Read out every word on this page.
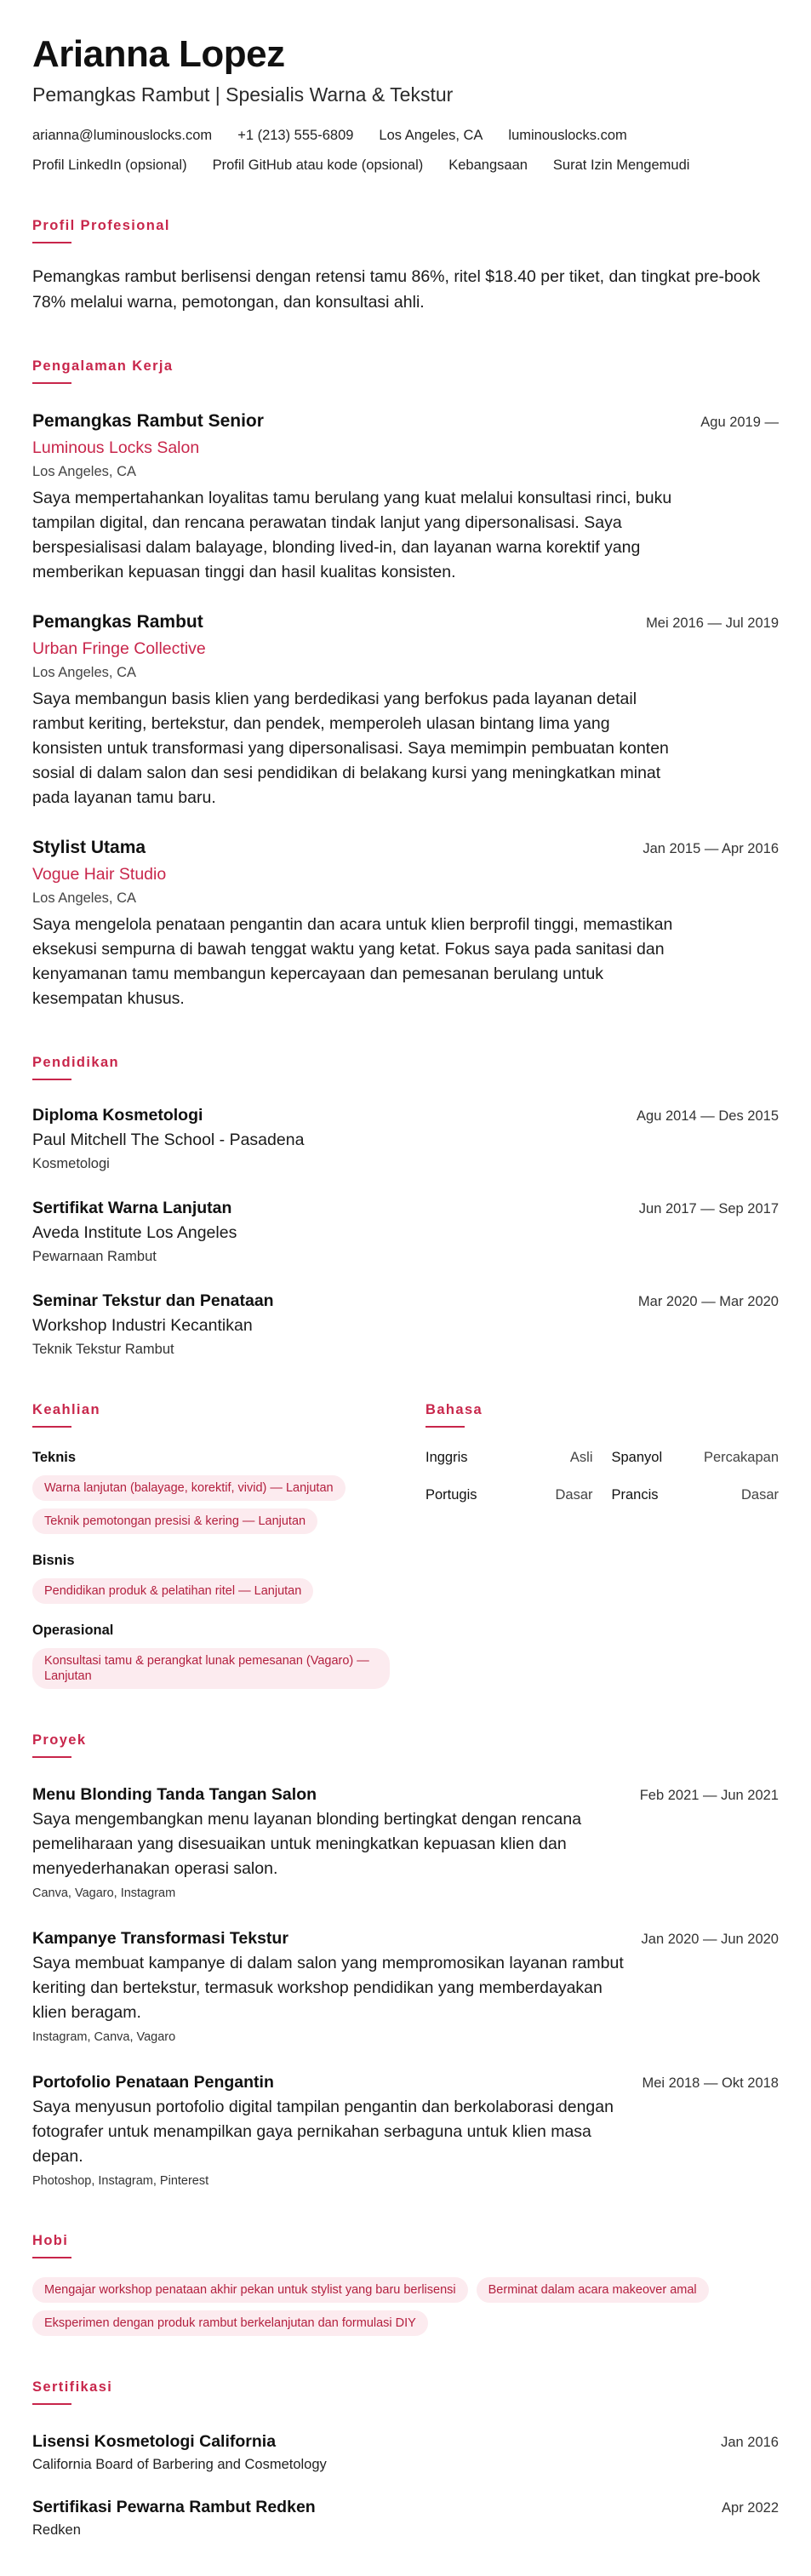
Arianna Lopez
Pemangkas Rambut | Spesialis Warna & Tekstur
arianna@luminouslocks.com +1 (213) 555-6809 Los Angeles, CA luminouslocks.com
Profil LinkedIn (opsional) Profil GitHub atau kode (opsional) Kebangsaan Surat Izin Mengemudi
Profil Profesional

Pemangkas rambut berlisensi dengan retensi tamu 86%, ritel $18.40 per tiket, dan tingkat pre-book 78% melalui warna, pemotongan, dan konsultasi ahli.

Pengalaman Kerja
Pemangkas Rambut Senior	Agu 2019 —
Luminous Locks Salon
Los Angeles, CA

Saya mempertahankan loyalitas tamu berulang yang kuat melalui konsultasi rinci, buku tampilan digital, dan rencana perawatan tindak lanjut yang dipersonalisasi. Saya berspesialisasi dalam balayage, blonding lived-in, dan layanan warna korektif yang memberikan kepuasan tinggi dan hasil kualitas konsisten.

Pemangkas Rambut	Mei 2016 — Jul 2019
Urban Fringe Collective
Los Angeles, CA

Saya membangun basis klien yang berdedikasi yang berfokus pada layanan detail rambut keriting, bertekstur, dan pendek, memperoleh ulasan bintang lima yang konsisten untuk transformasi yang dipersonalisasi. Saya memimpin pembuatan konten sosial di dalam salon dan sesi pendidikan di belakang kursi yang meningkatkan minat pada layanan tamu baru.

Stylist Utama	Jan 2015 — Apr 2016
Vogue Hair Studio
Los Angeles, CA

Saya mengelola penataan pengantin dan acara untuk klien berprofil tinggi, memastikan eksekusi sempurna di bawah tenggat waktu yang ketat. Fokus saya pada sanitasi dan kenyamanan tamu membangun kepercayaan dan pemesanan berulang untuk kesempatan khusus.

Pendidikan
Diploma Kosmetologi	Agu 2014 — Des 2015
Paul Mitchell The School - Pasadena
Kosmetologi
Sertifikat Warna Lanjutan	Jun 2017 — Sep 2017
Aveda Institute Los Angeles
Pewarnaan Rambut
Seminar Tekstur dan Penataan	Mar 2020 — Mar 2020
Workshop Industri Kecantikan
Teknik Tekstur Rambut
Keahlian
Teknis
Warna lanjutan (balayage, korektif, vivid) — Lanjutan
Teknik pemotongan presisi & kering — Lanjutan
Bisnis
Pendidikan produk & pelatihan ritel — Lanjutan
Operasional
Konsultasi tamu & perangkat lunak pemesanan (Vagaro) — Lanjutan
Bahasa
Inggris	Asli Spanyol	Percakapan
Portugis	Dasar Prancis	Dasar
Proyek
Menu Blonding Tanda Tangan Salon	Feb 2021 — Jun 2021

Saya mengembangkan menu layanan blonding bertingkat dengan rencana pemeliharaan yang disesuaikan untuk meningkatkan kepuasan klien dan menyederhanakan operasi salon.

Canva, Vagaro, Instagram
Kampanye Transformasi Tekstur	Jan 2020 — Jun 2020

Saya membuat kampanye di dalam salon yang mempromosikan layanan rambut keriting dan bertekstur, termasuk workshop pendidikan yang memberdayakan klien beragam.

Instagram, Canva, Vagaro
Portofolio Penataan Pengantin	Mei 2018 — Okt 2018

Saya menyusun portofolio digital tampilan pengantin dan berkolaborasi dengan fotografer untuk menampilkan gaya pernikahan serbaguna untuk klien masa depan.

Photoshop, Instagram, Pinterest
Hobi
Mengajar workshop penataan akhir pekan untuk stylist yang baru berlisensi	Berminat dalam acara makeover amal
Eksperimen dengan produk rambut berkelanjutan dan formulasi DIY
Sertifikasi
Lisensi Kosmetologi California	Jan 2016
California Board of Barbering and Cosmetology
Sertifikasi Pewarna Rambut Redken	Apr 2022
Redken
